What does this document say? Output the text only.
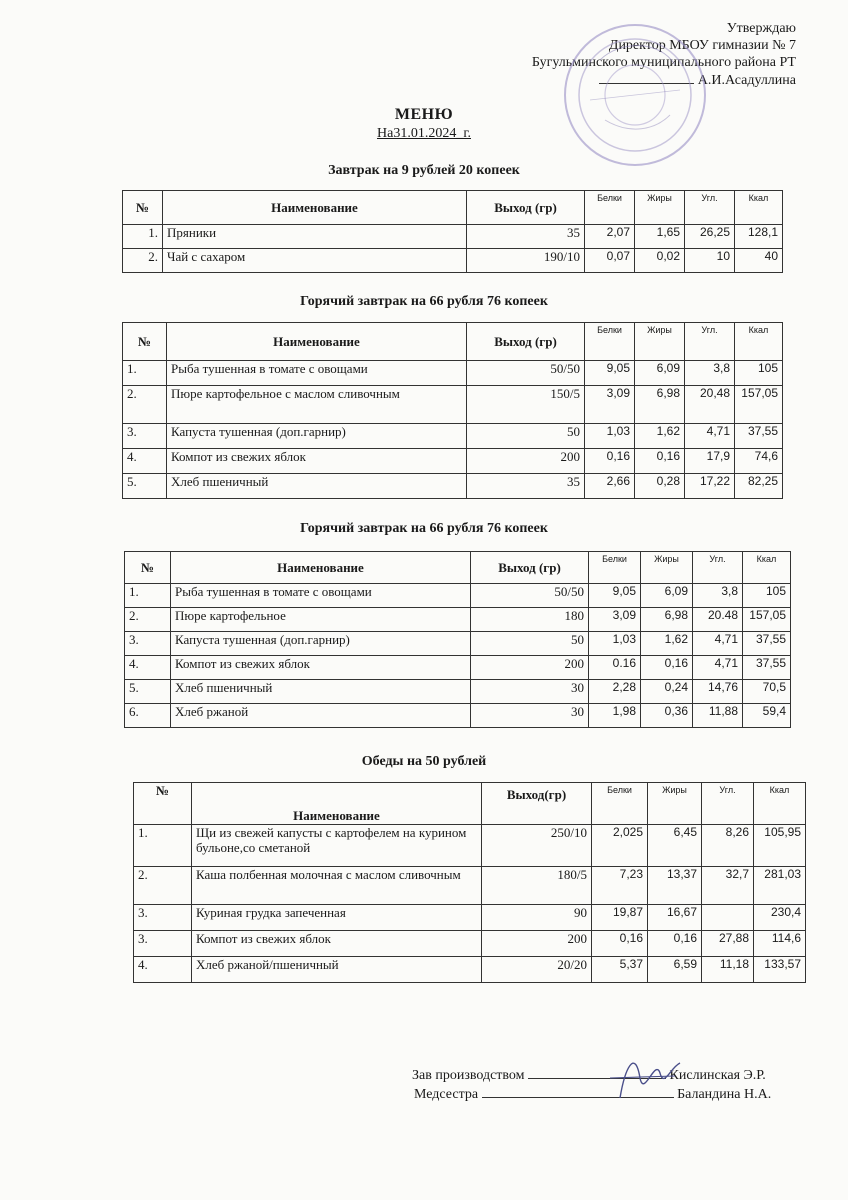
Утверждаю
Директор МБОУ гимназии № 7
Бугульминского муниципального района РТ
А.И.Асадуллина
МЕНЮ
На31.01.2024_г.
Завтрак на 9 рублей 20 копеек
№	Наименование	Выход (гр)	Белки	Жиры	Угл.	Ккал
1.	Пряники	35	2,07	1,65	26,25	128,1
2.	Чай с сахаром	190/10	0,07	0,02	10	40
Горячий завтрак на 66 рубля 76 копеек
№	Наименование	Выход (гр)	Белки	Жиры	Угл.	Ккал
1.	Рыба тушенная в томате с овощами	50/50	9,05	6,09	3,8	105
2.	Пюре картофельное с маслом сливочным	150/5	3,09	6,98	20,48	157,05
3.	Капуста тушенная (доп.гарнир)	50	1,03	1,62	4,71	37,55
4.	Компот из свежих яблок	200	0,16	0,16	17,9	74,6
5.	Хлеб пшеничный	35	2,66	0,28	17,22	82,25
Горячий завтрак на 66 рубля 76 копеек
№	Наименование	Выход (гр)	Белки	Жиры	Угл.	Ккал
1.	Рыба тушенная в томате с овощами	50/50	9,05	6,09	3,8	105
2.	Пюре картофельное	180	3,09	6,98	20.48	157,05
3.	Капуста тушенная (доп.гарнир)	50	1,03	1,62	4,71	37,55
4.	Компот из свежих яблок	200	0.16	0,16	4,71	37,55
5.	Хлеб пшеничный	30	2,28	0,24	14,76	70,5
6.	Хлеб ржаной	30	1,98	0,36	11,88	59,4
Обеды на 50 рублей
№	Наименование	Выход(гр)	Белки	Жиры	Угл.	Ккал
1.	Щи из свежей капусты с картофелем на курином бульоне,со сметаной	250/10	2,025	6,45	8,26	105,95
2.	Каша полбенная молочная с маслом сливочным	180/5	7,23	13,37	32,7	281,03
3.	Куриная грудка запеченная	90	19,87	16,67		230,4
3.	Компот из свежих яблок	200	0,16	0,16	27,88	114,6
4.	Хлеб ржаной/пшеничный	20/20	5,37	6,59	11,18	133,57
Зав производством	Кислинская Э.Р.
Медсестра	Баландина Н.А.
